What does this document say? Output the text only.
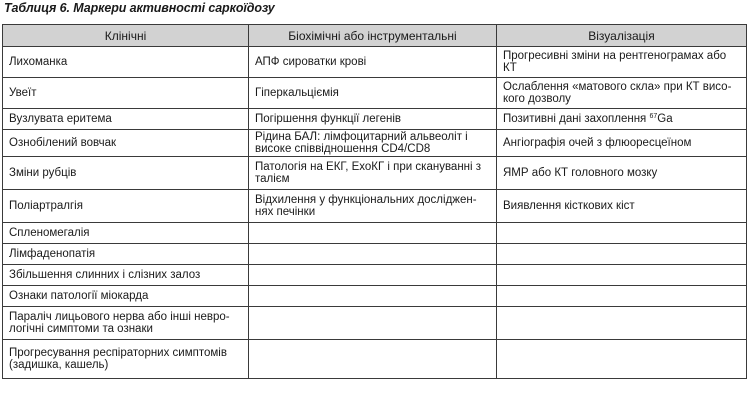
Таблиця 6. Маркери активності саркоїдозу
Клінічні	Біохімічні або інструментальні	Візуалізація
Лихоманка	АПФ сироватки крові	Прогресивні зміни на рентгенограмах або КТ
Увеїт	Гіперкальціємія	Ослаблення «матового скла» при КТ високого дозволу
Вузлувата еритема	Погіршення функції легенів	Позитивні дані захоплення $^{67}$Ga
Ознобілений вовчак	Рідина БАЛ: лімфоцитарний альвеоліт і високе співвідношення CD4/CD8	Ангіографія очей з флюоресцеїном
Зміни рубців	Патологія на ЕКГ, ЕхоКГ і при скануванні з талієм	ЯМР або КТ головного мозку
Поліартралгія	Відхилення у функціональних дослідженнях печінки	Виявлення кісткових кіст
Спленомегалія		
Лімфаденопатія		
Збільшення слинних і слізних залоз		
Ознаки патології міокарда		
Параліч лицьового нерва або інші неврологічні симптоми та ознаки		
Прогресування респіраторних симптомів (задишка, кашель)		
